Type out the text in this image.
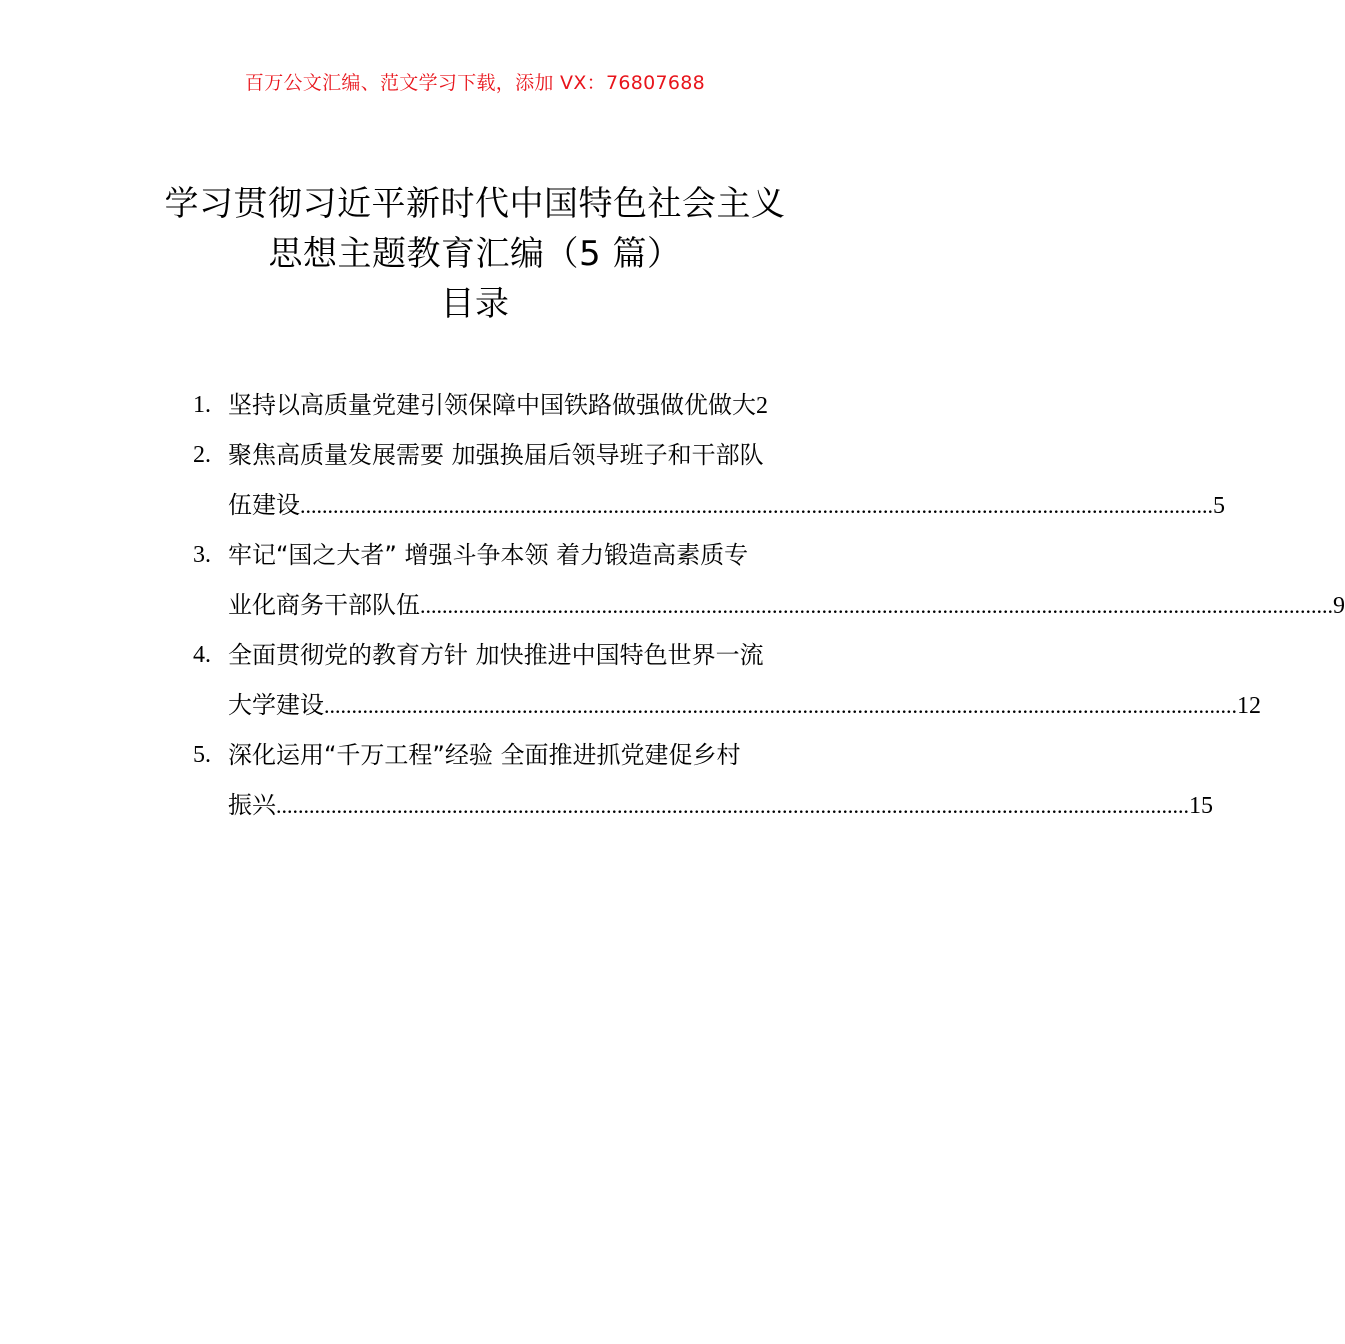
百万公文汇编、范文学习下载，添加 VX：76807688
学习贯彻习近平新时代中国特色社会主义
思想主题教育汇编（5 篇）
目录
1. 坚持以高质量党建引领保障中国铁路做强做优做大 2
2. 聚焦高质量发展需要 加强换届后领导班子和干部队
伍建设 .....	5
3. 牢记“国之大者” 增强斗争本领 着力锻造高素质专
业化商务干部队伍 .....	9
4. 全面贯彻党的教育方针 加快推进中国特色世界一流
大学建设 .....	12
5. 深化运用“千万工程”经验 全面推进抓党建促乡村
振兴 .....	15
